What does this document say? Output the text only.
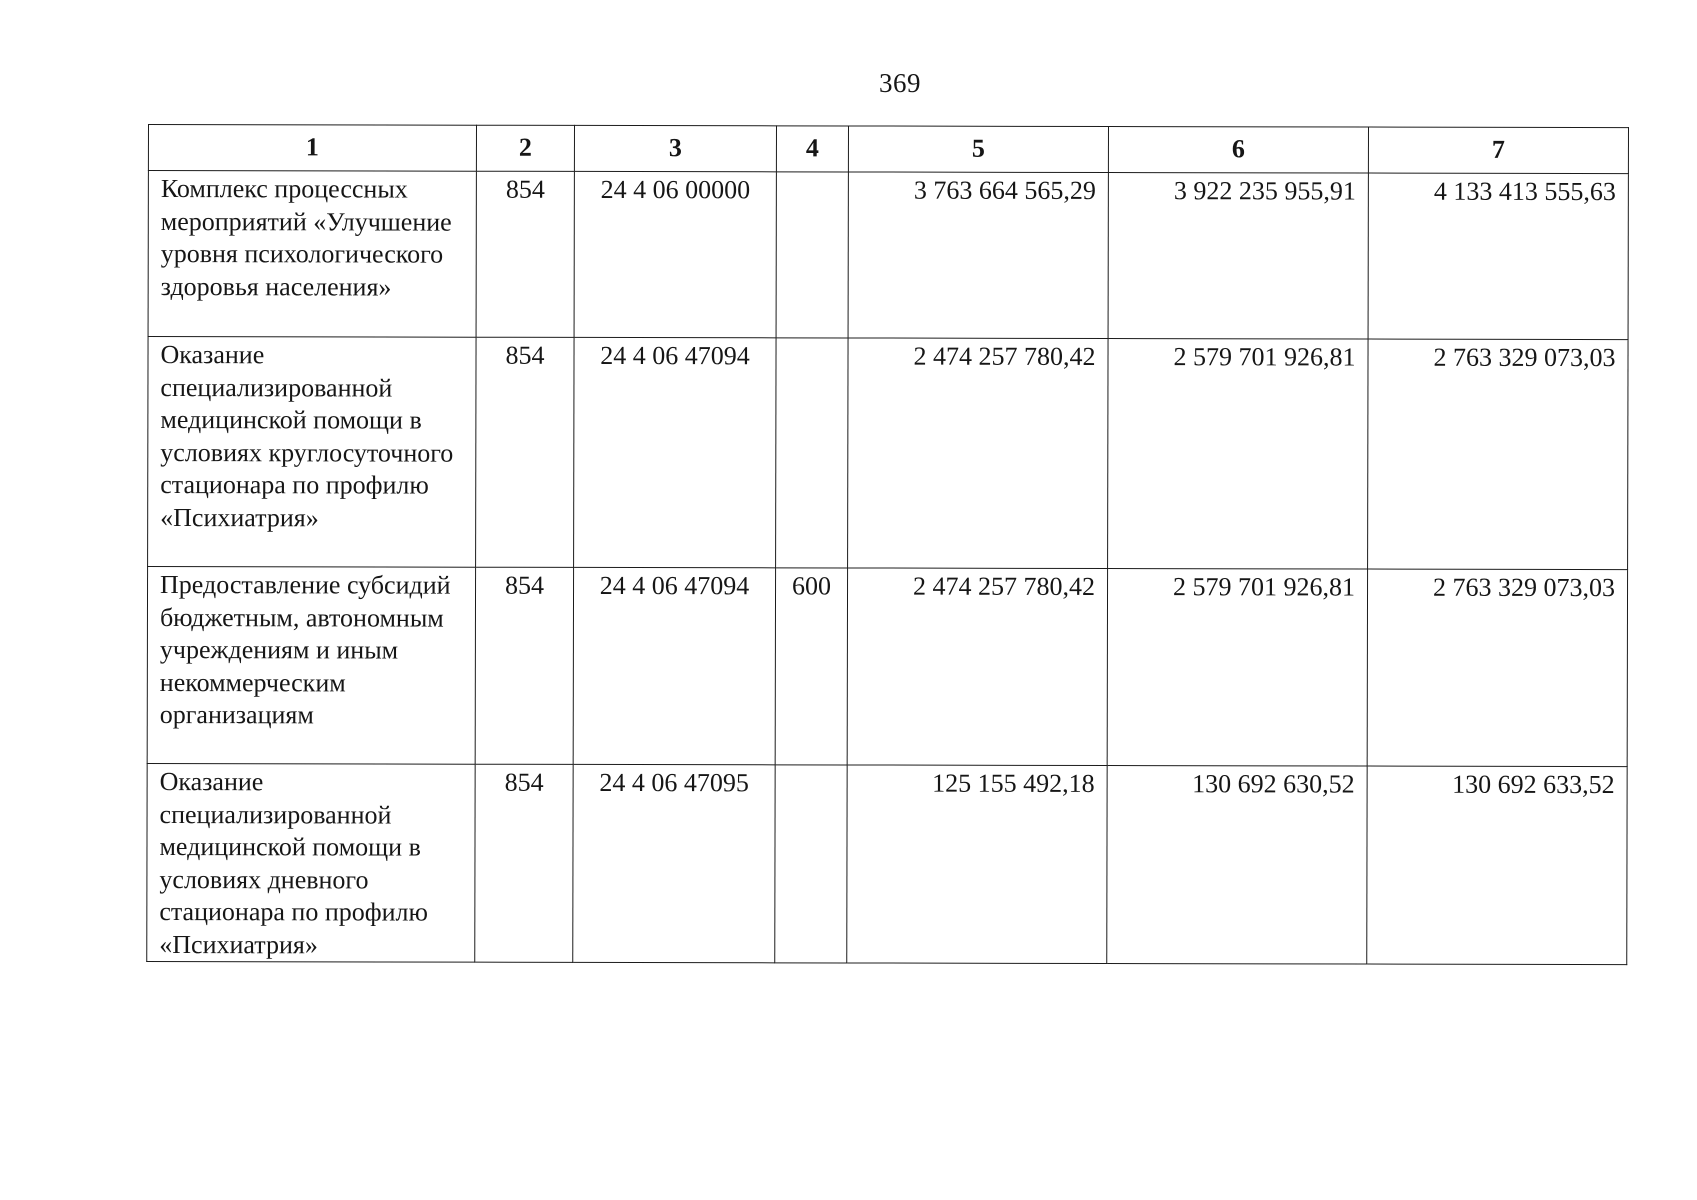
369
1	2	3	4	5	6	7
Комплекс процессных мероприятий «Улучшение уровня психологического здоровья населения»	854	24 4 06 00000		3 763 664 565,29	3 922 235 955,91	4 133 413 555,63
Оказание специализированной медицинской помощи в условиях круглосуточного стационара по профилю «Психиатрия»	854	24 4 06 47094		2 474 257 780,42	2 579 701 926,81	2 763 329 073,03
Предоставление субсидий бюджетным, автономным учреждениям и иным некоммерческим организациям	854	24 4 06 47094	600	2 474 257 780,42	2 579 701 926,81	2 763 329 073,03
Оказание специализированной медицинской помощи в условиях дневного стационара по профилю «Психиатрия»	854	24 4 06 47095		125 155 492,18	130 692 630,52	130 692 633,52
